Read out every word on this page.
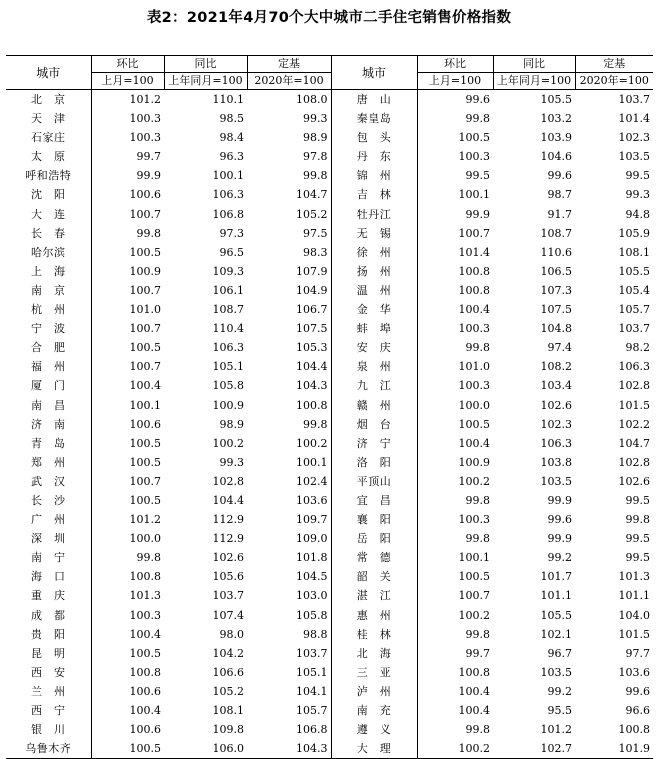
表2：2021年4月70个大中城市二手住宅销售价格指数
城市	环比	同比	定基	城市	环比	同比	定基
	上月=100	上年同月=100	2020年=100		上月=100	上年同月=100	2020年=100
北　京	101.2	110.1	108.0	唐　山	99.6	105.5	103.7
天　津	100.3	98.5	99.3	秦皇岛	99.8	103.2	101.4
石家庄	100.3	98.4	98.9	包　头	100.5	103.9	102.3
太　原	99.7	96.3	97.8	丹　东	100.3	104.6	103.5
呼和浩特	99.9	100.1	99.8	锦　州	99.5	99.6	99.5
沈　阳	100.6	106.3	104.7	吉　林	100.1	98.7	99.3
大　连	100.7	106.8	105.2	牡丹江	99.9	91.7	94.8
长　春	99.8	97.3	97.5	无　锡	100.7	108.7	105.9
哈尔滨	100.5	96.5	98.3	徐　州	101.4	110.6	108.1
上　海	100.9	109.3	107.9	扬　州	100.8	106.5	105.5
南　京	100.7	106.1	104.9	温　州	100.8	107.3	105.4
杭　州	101.0	108.7	106.7	金　华	100.4	107.5	105.7
宁　波	100.7	110.4	107.5	蚌　埠	100.3	104.8	103.7
合　肥	100.5	106.3	105.3	安　庆	99.8	97.4	98.2
福　州	100.7	105.1	104.4	泉　州	101.0	108.2	106.3
厦　门	100.4	105.8	104.3	九　江	100.3	103.4	102.8
南　昌	100.1	100.9	100.8	赣　州	100.0	102.6	101.5
济　南	100.6	98.9	99.8	烟　台	100.5	102.3	102.2
青　岛	100.5	100.2	100.2	济　宁	100.4	106.3	104.7
郑　州	100.5	99.3	100.1	洛　阳	100.9	103.8	102.8
武　汉	100.7	102.8	102.4	平顶山	100.2	103.5	102.6
长　沙	100.5	104.4	103.6	宜　昌	99.8	99.9	99.5
广　州	101.2	112.9	109.7	襄　阳	100.3	99.6	99.8
深　圳	100.0	112.9	109.0	岳　阳	99.8	99.9	99.5
南　宁	99.8	102.6	101.8	常　德	100.1	99.2	99.5
海　口	100.8	105.6	104.5	韶　关	100.5	101.7	101.3
重　庆	101.3	103.7	103.0	湛　江	100.7	101.1	101.1
成　都	100.3	107.4	105.8	惠　州	100.2	105.5	104.0
贵　阳	100.4	98.0	98.8	桂　林	99.8	102.1	101.5
昆　明	100.5	104.2	103.7	北　海	99.7	96.7	97.7
西　安	100.8	106.6	105.1	三　亚	100.8	103.5	103.6
兰　州	100.6	105.2	104.1	泸　州	100.4	99.2	99.6
西　宁	100.4	108.1	105.7	南　充	100.4	95.5	96.6
银　川	100.6	109.8	106.8	遵　义	99.8	101.2	100.8
乌鲁木齐	100.5	106.0	104.3	大　理	100.2	102.7	101.9
